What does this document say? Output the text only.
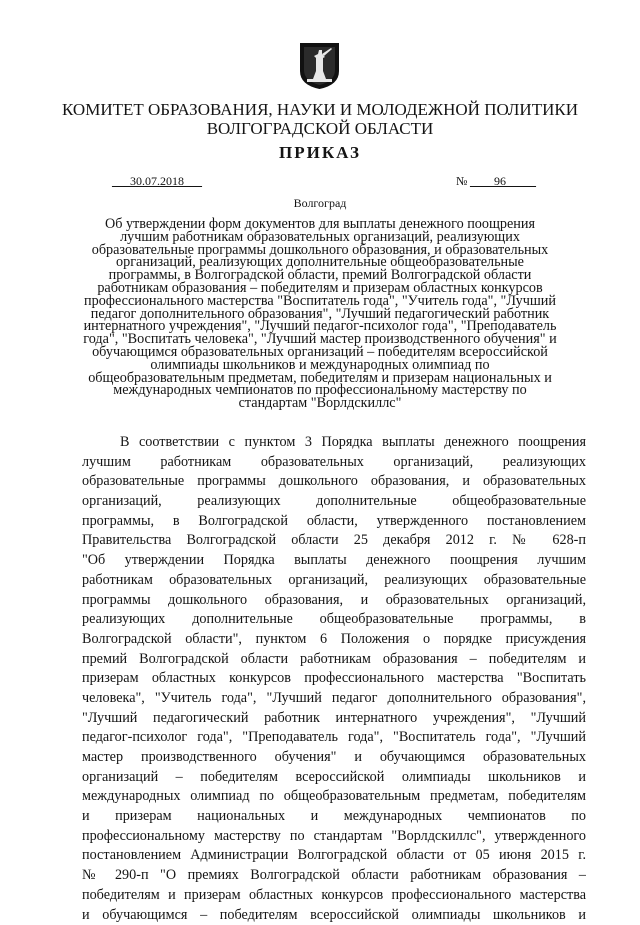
КОМИТЕТ ОБРАЗОВАНИЯ, НАУКИ И МОЛОДЕЖНОЙ ПОЛИТИКИ
ВОЛГОГРАДСКОЙ ОБЛАСТИ
ПРИКАЗ
___30.07.2018___	№ ____96_____
Волгоград
Об утверждении форм документов для выплаты денежного поощрения
лучшим работникам образовательных организаций, реализующих
образовательные программы дошкольного образования, и образовательных
организаций, реализующих дополнительные общеобразовательные
программы, в Волгоградской области, премий Волгоградской области
работникам образования – победителям и призерам областных конкурсов
профессионального мастерства "Воспитатель года", "Учитель года", "Лучший
педагог дополнительного образования", "Лучший педагогический работник
интернатного учреждения", "Лучший педагог-психолог года", "Преподаватель
года", "Воспитать человека", "Лучший мастер производственного обучения" и
обучающимся образовательных организаций – победителям всероссийской
олимпиады школьников и международных олимпиад по
общеобразовательным предметам, победителям и призерам национальных и
международных чемпионатов по профессиональному мастерству по
стандартам "Ворлдскиллс"
В соответствии с пунктом 3 Порядка выплаты денежного поощрения
лучшим работникам образовательных организаций, реализующих
образовательные программы дошкольного образования, и образовательных
организаций, реализующих дополнительные общеобразовательные
программы, в Волгоградской области, утвержденного постановлением
Правительства Волгоградской области 25 декабря 2012 г. № 628-п
"Об утверждении Порядка выплаты денежного поощрения лучшим
работникам образовательных организаций, реализующих образовательные
программы дошкольного образования, и образовательных организаций,
реализующих дополнительные общеобразовательные программы, в
Волгоградской области", пунктом 6 Положения о порядке присуждения
премий Волгоградской области работникам образования – победителям и
призерам областных конкурсов профессионального мастерства "Воспитать
человека", "Учитель года", "Лучший педагог дополнительного образования",
"Лучший педагогический работник интернатного учреждения", "Лучший
педагог-психолог года", "Преподаватель года", "Воспитатель года", "Лучший
мастер производственного обучения" и обучающимся образовательных
организаций – победителям всероссийской олимпиады школьников и
международных олимпиад по общеобразовательным предметам, победителям
и призерам национальных и международных чемпионатов по
профессиональному мастерству по стандартам "Ворлдскиллс", утвержденного
постановлением Администрации Волгоградской области от 05 июня 2015 г.
№ 290-п "О премиях Волгоградской области работникам образования –
победителям и призерам областных конкурсов профессионального мастерства
и обучающимся – победителям всероссийской олимпиады школьников и
